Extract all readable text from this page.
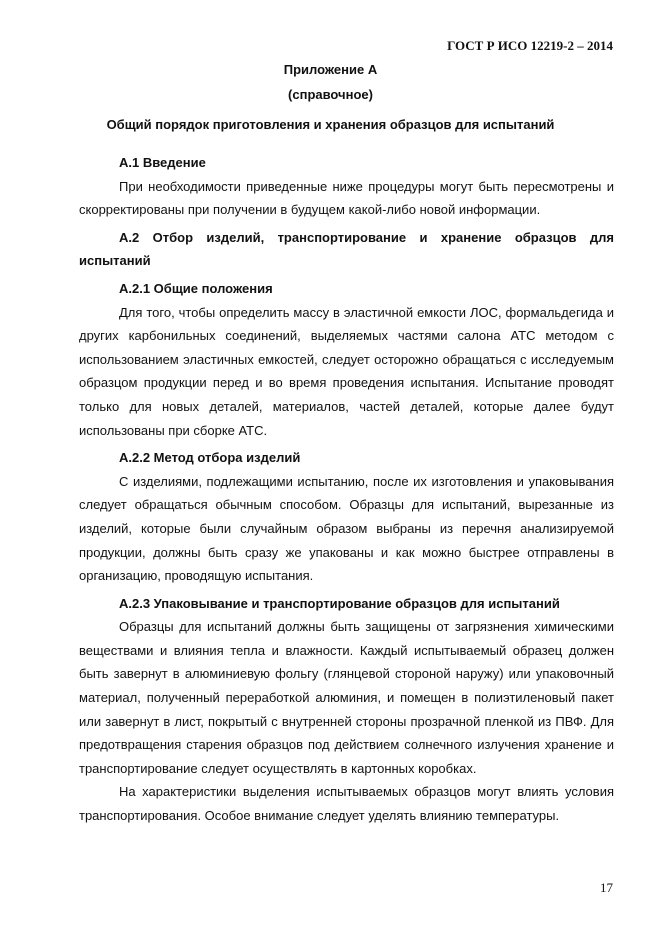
ГОСТ Р ИСО 12219-2 – 2014
Приложение А
(справочное)
Общий порядок приготовления и хранения образцов для испытаний

А.1 Введение

При необходимости приведенные ниже процедуры могут быть пересмотрены и скорректированы при получении в будущем какой-либо новой информации.

А.2 Отбор изделий, транспортирование и хранение образцов для испытаний

А.2.1 Общие положения

Для того, чтобы определить массу в эластичной емкости ЛОС, формальдегида и других карбонильных соединений, выделяемых частями салона АТС методом с использованием эластичных емкостей, следует осторожно обращаться с исследуемым образцом продукции перед и во время проведения испытания. Испытание проводят только для новых деталей, материалов, частей деталей, которые далее будут использованы при сборке АТС.

А.2.2 Метод отбора изделий

С изделиями, подлежащими испытанию, после их изготовления и упаковывания следует обращаться обычным способом. Образцы для испытаний, вырезанные из изделий, которые были случайным образом выбраны из перечня анализируемой продукции, должны быть сразу же упакованы и как можно быстрее отправлены в организацию, проводящую испытания.

А.2.3 Упаковывание и транспортирование образцов для испытаний

Образцы для испытаний должны быть защищены от загрязнения химическими веществами и влияния тепла и влажности. Каждый испытываемый образец должен быть завернут в алюминиевую фольгу (глянцевой стороной наружу) или упаковочный материал, полученный переработкой алюминия, и помещен в полиэтиленовый пакет или завернут в лист, покрытый с внутренней стороны прозрачной пленкой из ПВФ. Для предотвращения старения образцов под действием солнечного излучения хранение и транспортирование следует осуществлять в картонных коробках.

На характеристики выделения испытываемых образцов могут влиять условия транспортирования. Особое внимание следует уделять влиянию температуры.

17
